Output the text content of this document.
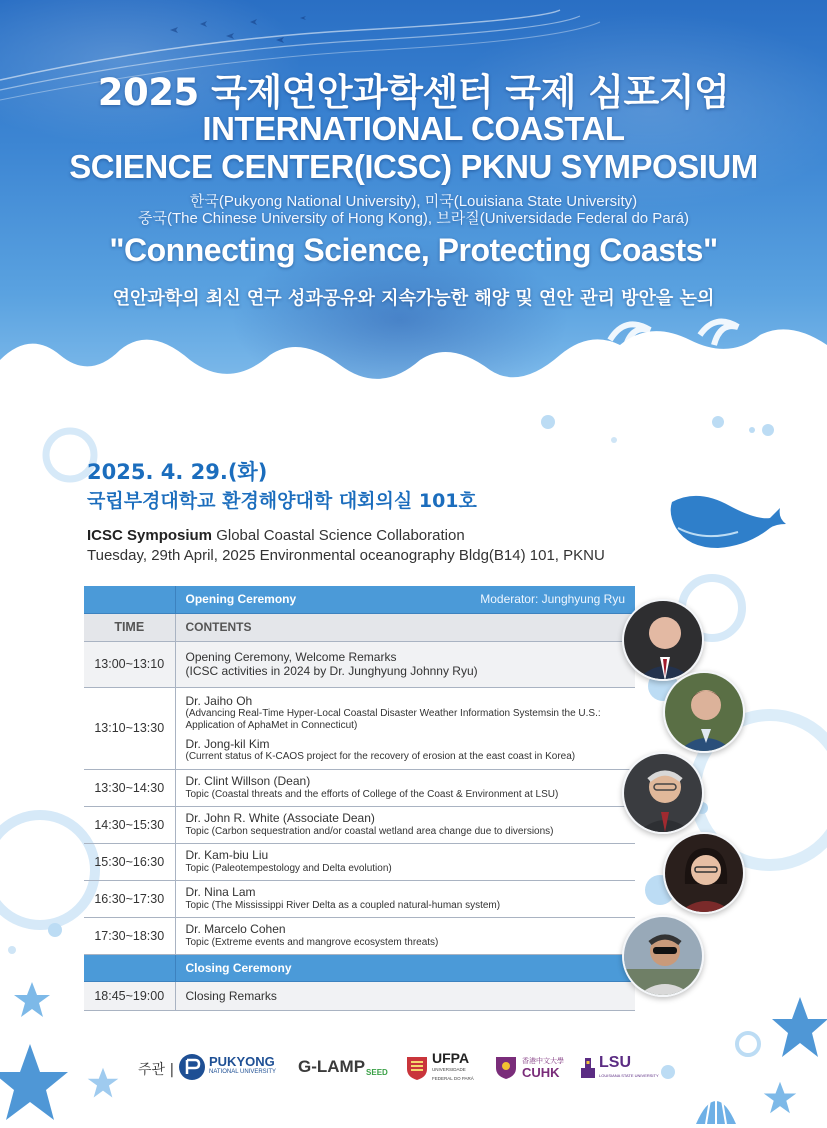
2025 국제연안과학센터 국제 심포지엄
INTERNATIONAL COASTAL
SCIENCE CENTER(ICSC) PKNU SYMPOSIUM
한국(Pukyong National University), 미국(Louisiana State University)
중국(The Chinese University of Hong Kong), 브라질(Universidade Federal do Pará)
"Connecting Science, Protecting Coasts"
연안과학의 최신 연구 성과공유와 지속가능한 해양 및 연안 관리 방안을 논의
2025. 4. 29.(화)
국립부경대학교 환경해양대학 대회의실 101호
ICSC Symposium Global Coastal Science Collaboration
Tuesday, 29th April, 2025 Environmental oceanography Bldg(B14) 101, PKNU

	Opening Ceremony Moderator: Junghyung Ryu

TIME	CONTENTS
13:00~13:10	Opening Ceremony, Welcome Remarks
(ICSC activities in 2024 by Dr. Junghyung Johnny Ryu)

13:10~13:30	Dr. Jaiho Oh
(Advancing Real-Time Hyper-Local Coastal Disaster Weather Information Systemsin the U.S.: Application of AphaMet in Connecticut)
Dr. Jong-kil Kim
(Current status of K-CAOS project for the recovery of erosion at the east coast in Korea)

13:30~14:30	Dr. Clint Willson (Dean)
Topic (Coastal threats and the efforts of College of the Coast & Environment at LSU)

14:30~15:30	Dr. John R. White (Associate Dean)
Topic (Carbon sequestration and/or coastal wetland area change due to diversions)

15:30~16:30	Dr. Kam-biu Liu
Topic (Paleotempestology and Delta evolution)

16:30~17:30	Dr. Nina Lam
Topic (The Mississippi River Delta as a coupled natural-human system)

17:30~18:30	Dr. Marcelo Cohen
Topic (Extreme events and mangrove ecosystem threats)

	Closing Ceremony
18:45~19:00	Closing Remarks
주관 |
PUKYONG
NATIONAL UNIVERSITY G-LAMP SEED
UFPA
UNIVERSIDADE FEDERAL DO PARÁ
香港中文大學
CUHK
LSU
LOUISIANA STATE UNIVERSITY
